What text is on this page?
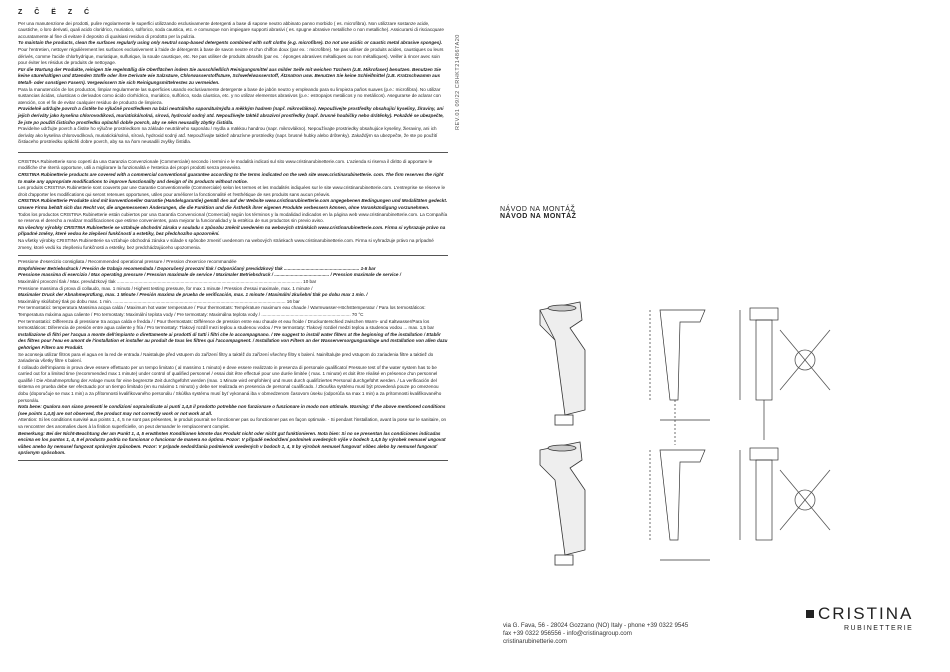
Z Č Ë Z Ć

Per una manutenzione dei prodotti, pulire regolarmente le superfici utilizzando esclusivamente detergenti a base di sapone neutro abbinato panno morbido ( es. microfibra). Non utilizzare sostanze acide, caustiche, o loro derivati, quali acido cloridrico, muriatico, solforico, soda caustica, etc. e comunque non impiegare supporti abrasivi ( es. spugne abrasive metalliche o non metalliche). Assicurarsi di risciacquare accuratamente al fine di evitare il deposito di qualsiasi residuo di prodotto per la pulizia.

To maintain the products, clean the surfaces regularly using only neutral soap-based detergents combined with soft cloths (e.g. microfibre). Do not use acidic or caustic metal abrasive sponges).

Pour l'entretien, nettoyer régulièrement les surfaces exclusivement à l'aide de détergents à base de savon neutre et d'un chiffon doux (par ex. : microfibre). Ne pas utiliser de produits acides, caustiques ou leurs dérivés, comme l'acide chlorhydrique, muriatique, sulfurique, la soude caustique, etc. Ne pas utiliser de produits abrasifs (par ex. : éponges abrasives métalliques ou non métalliques). Veiller à rincer avec soin pour éviter les résidus de produits de nettoyage.

Für die Wartung der Produkte, reinigen Sie regelmäßig die Oberflächen indem Sie ausschließlich Reinigungsmittel aus milder Seife mit weichen Tüchern (z.B. Mikrofaser) benutzen. Benutzen Sie keine säurehaltigen und ätzenden Stoffe oder ihre Derivate wie Salzsäure, Chlorwasserstoffsäure, Schwefelwasserstoff, Ätznatron usw. Benutzen Sie keine Schleifmittel (z.B. Kratzschwamm aus Metall- oder sonstigen Fasern). Vergewissern Sie sich Reinigungsmittelrestes zu vermeiden.

Para la manutención de los productos, limpiar regularmente las superficies usando exclusivamente detergente a base de jabón neutro y empleando para su limpieza paños suaves (p.e.: microfibra). No utilizar sustancias ácidas, cáusticas o derivados como ácido clorhídrico, muriático, sulfúrico, soda cáustica, etc. y no utilizar elementos abrasivos (p.e.: estropajos metálicos y no metálicos). Asegurarse de aclarar con atención, con el fin de evitar cualquier residuo de producto de limpieza.

Pravidelně udržujte povrch a čistěte ho výlučně prostředkem na bázi neutrálního saponátu/mýdla a měkkým hadrem (např. mikrovlákno). Nepoužívejte prostředky obsahující kyseliny, žíraviny, ani jejich deriváty jako kyselina chlorovodíková, muriatická/solná, sírová, hydroxid sodný atd. Nepoužívejte taktéž abrazivní prostředky (např. brusné houbičky nebo drátěnky). Pokaždé se ubezpečte, že jste po použití čisticího prostředku oplachli dobře povrch, aby se něm neusadily zbytky čistidla.

Pravidelne udržujte povrch a čistite ho výlučne prostriedkom na základe neutrálneho saponátu / mydla a mäkkou handrou (napr. mikrovlákno). Nepoužívajte prostriedky obsahujúce kyseliny, žieraviny, ani ich deriváty ako kyselina chlorovodíková, muriatická/solná, sírová, hydroxid sodný atď. Nepoužívajte taktiež abrazívne prostriedky (napr. brusné hubky alebo drôtenky). Zakaždým sa ubezpečte, že ste po použití čistiaceho prostriedku opláchli dobre povrch, aby sa na ňom neusadili zvyšky čistidla.

CRISTINA Rubinetterie sono coperti da una Garanzia Convenzionale (Commerciale) secondo i termini e le modalità indicati sul sito www.cristinarubinetterie.com. L'azienda si riserva il diritto di apportare le modifiche che riterrà opportune, utili a migliorare la funzionalità e l'estetica dei propri prodotti senza preavviso.

CRISTINA Rubinetterie products are covered with a commercial conventional guarantee according to the terms indicated on the web site www.cristinarubinetterie. com. The firm reserves the right to make any appropriate modifications to improve functionality and design of its products without notice.

Les produits CRISTINA Rubinetterie sont couverts par une Garantie Conventionnelle (Commerciale) selon les termes et les modalités indiquées sur le site www.cristinarubinetterie.com. L'entreprise se réserve le droit d'apporter les modifications qui seront retenues opportunes, utiles pour améliorer la fonctionnalité et l'esthétique de ses produits sans aucun préavis.

CRISTINA Rubinetterie Produkte sind mit konventioneller Garantie (Handelsgarantie) gemäß den auf der Website www.cristinarubinetterie.com angegebenen Bedingungen und Modalitäten gedeckt. Unsere Firma behält sich das Recht vor, die ungemessenen Änderungen, die die Funktion und die Ästhetik ihrer eigenen Produkte verbessern können, ohne Vorankündigung vorzunehmen.

Todos los productos CRISTINA Rubinetterie están cubiertos por una Garantía Convencional (Comercial) según los términos y la modalidad indicados en la página web www.cristinarubinetterie.com. La Compañía se reserva el derecho a realizar modificaciones que estime convenientes, para mejorar la funcionalidad y la estética de sus productos sin previo aviso.

Na všechny výrobky CRISTINA Rubinetterie se vztahuje obchodní záruka v souladu s způsobu změnit uvedeném na webových stránkách www.cristinarubinetterie.com. Firma si vyhrazuje právo na případné změny, které vedou ke zlepšení funkčnosti a estetiky, bez předchozího upozornění.

Na všetky výrobky CRISTINA Rubinetterie sa vzťahuje obchodná záruka v súlade s spôsobe zmeniť uvedenom na webových stránkach www.cristinarubinetterie.com. Firma si vyhradzuje právo na prípadné zmeny, ktoré vedú ku zlepšeniu funkčnosti a estetiky, bez predchádzajúceho upozornenia.

Pressione d'esercizio consigliata / Recommended operational pressure / Pression d'exercice recommandée

Empfohlener Betriebsdruck / Presión de trabajo recomendada / Doporučený provozní tlak / Odporúčaný prevádzkový tlak ........................................................... 1-5 bar

Pressione massima di esercizio / Max operating pressure / Pression maximale de service / Maximaler Betriebsdruck / ........................................... / Pression maximale de service /

Maximální provozní tlak / Max. prevádzkový tlak ................................................................................................................................................. 10 bar

Pressione massima di prova di collaudo, max. 1 minuto / Highest testing pressure, for max 1 minute / Pression d'essai maximale, max. 1 minute /

Maximaler Druck der Abnahmeprüfung, max. 1 Minute / Presión maxima de prueba de verificación, max. 1 minute / Maximální zkušební tlak po dobu max 1 min. /

Maximálny skúšobný tlak po dobu max. 1 min. ....................................................................................................................................... 16 bar

Per termostatici: temperatura Massima acqua calda / Maximum hot water temperature / Pour thermostats: Température maximum eau chaude / Warmwasser-Höchsttemperatur / Para los termostáticos: Temperatura máxima agua caliente / Pro termostaty: Maximální teplota vody / Pre termostaty: Maximálna teplota vody / ...................................................................... 70 °C

Per termostatici: Differenza di pressione tra acqua calda e fredda / / Pour thermostats: Différence de pression entre eau chaude et eau froide / Druckunterschied zwischen Warm- und Kaltwasser/Para los termostáticos: Diferencia de presión entre agua caliente y fría / Pro termostaty: Tlakový rozdíl mezi teplou a studenou vodou / Pre termostaty: Tlakový rozdiel medzi teplou a studenou vodou ... max. 1,5 bar

Installazione di filtri per l'acqua a monte dell'impianto o direttamente ai prodotti di tutti i filtri che lo accompagnano. / We suggest to install water filters at the beginning of the installation / Etablir des filtres pour l'eau en amont de l'installation et installer au produit de tous les filtres qui l'accompagnent. / Installation von Filtern an der Wasserversorgungsanlage und Installation von allen dazu gehörigen Filtern am Produkt.

Se aconseja utilizar filtros para el agua en la red de entrada / Naistalujte před vstupem do zařízení filtry a taktéž do zařízení všechny filtry s balení. Nainštalujte pred vstupom do zariadenia filtre a taktiež do zariadenia všetky filtre s balení.

Il collaudo dell'impianto in prova deve essere effettuato per un tempo limitato ( al massimo 1 minuto) e deve essere realizzato in presenza di personale qualificato/ Pressure test of the water system has to be carried out for a limited time (recommended max 1 minute) under control of qualified personnel / essai doit être effectué pour une durée limitée ( max. 1 minute) et doit être réalisé en présence d'un personnel qualifié / Die Abnahmeprüfung der Anlage muss für eine begrenzte Zeit durchgeführt werden (max. 1 Minute wird empfohlen) und muss durch qualifiziertes Personal durchgeführt werden. / La verificación del sistema en prueba debe ser efectuado por un tiempo limitado (en su máximo 1 minuto) y debe ser realizada en presencia de personal cualificado. / Zkouška systému musí být provedená pouze po omezenou dobu (doporučuje se max 1 min) a za přítomnosti kvalifikovaného personálu / Skúška systému musí byť vykonaná iba v obmedzenom časovom úseku (odporúča sa max 1 min) a za prítomnosti kvalifikovaného personálu.

Nota bene: Qualora non siano presenti le condizioni sopraindicate ai punti 1,4,5 il prodotto potrebbe non funzionare o funzionare in modo non ottimale. Warning: If the above mentioned conditions (see points 1,4,5) are not observed, the product may not correctly work or not work at all.

Attention: Si les conditions susvisé aux points 1, 4, 5 ne sont pas présentes, le produit pourrait ne fonctionner pas ou fonctionner pas en façon optimale. - Si pendant l'installation, avant la pose sur le sanitaire, on va rencontrer des anomalies dues à la finition superficielle, on peut demander le remplacement complet.

Bemerkung: Bei der Nicht-Beachtung der am Punkt 1, 4, 5 erwähnten Konditionen könnte das Produkt nicht oder nicht gut funktionieren. Nota bien: Si no se presentan las condiciones indicadas encima en los puntos 1, 4, 5 el producto podría no funcionar o funcionar de manera no óptima. Pozor: V případě nedodržení podmínek uvedených výše v bodech 1,4,5 by výrobek nemusel ungovat vůbec anebo by nemusel fungovat správným způsobem. Pozor: V prípade nedodržania podmienok uvedených v bodoch 1, 4, 5 by výrobok nemusel fungovať vôbec alebo by nemusel fungovať správnym spôsobom.

REV.01 09/22 CRHKT214867A20
NÁVOD NA MONTÁŽ
NÁVOD NA MONTÁŽ
CRISTINA
RUBINETTERIE
via G. Fava, 56 - 28024 Gozzano (NO) Italy - phone +39 0322 9545
fax +39 0322 956556 - info@cristinagroup.com
cristinarubinetterie.com
